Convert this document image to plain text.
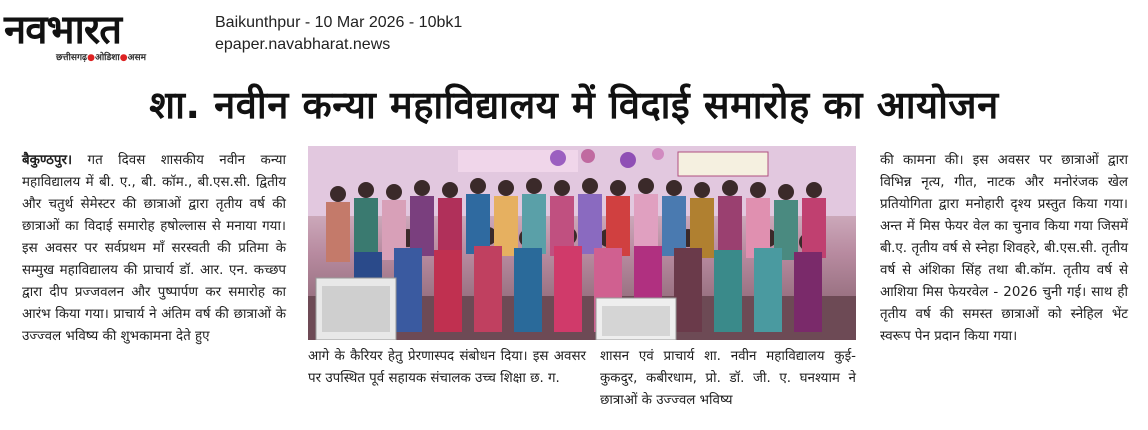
नवभारत
छत्तीसगढ़●ओडिशा●असम
Baikunthpur - 10 Mar 2026 - 10bk1
epaper.navabharat.news
शा. नवीन कन्या महाविद्यालय में विदाई समारोह का आयोजन
बैकुण्ठपुर। गत दिवस शासकीय नवीन कन्या महाविद्यालय में बी. ए., बी. कॉम., बी.एस.सी. द्वितीय और चतुर्थ सेमेस्टर की छात्राओं द्वारा तृतीय वर्ष की छात्राओं का विदाई समारोह हषाेल्लास से मनाया गया। इस अवसर पर सर्वप्रथम माँ सरस्वती की प्रतिमा के सम्मुख महाविद्यालय की प्राचार्य डॉ. आर. एन. कच्छप द्वारा दीप प्रज्जवलन और पुष्पार्पण कर समारोह का आरंभ किया गया। प्राचार्य ने अंतिम वर्ष की छात्राओं के उज्ज्वल भविष्य की शुभकामना देते हुए
आगे के कैरियर हेतु प्रेरणास्पद संबोधन दिया। इस अवसर पर उपस्थित पूर्व सहायक संचालक उच्च शिक्षा छ. ग.
शासन एवं प्राचार्य शा. नवीन महाविद्यालय कुई-कुकदुर, कबीरधाम, प्रो. डॉ. जी. ए. घनश्याम ने छात्राओं के उज्ज्वल भविष्य
की कामना की। इस अवसर पर छात्राओं द्वारा विभिन्न नृत्य, गीत, नाटक और मनोरंजक खेल प्रतियोगिता द्वारा मनोहारी दृश्य प्रस्तुत किया गया। अन्त में मिस फेयर वेल का चुनाव किया गया जिसमें बी.ए. तृतीय वर्ष से स्नेहा शिवहरे, बी.एस.सी. तृतीय वर्ष से अंशिका सिंह तथा बी.कॉम. तृतीय वर्ष से आशिया मिस फेयरवेल - 2026 चुनी गई। साथ ही तृतीय वर्ष की समस्त छात्राओं को स्नेहिल भेंट स्वरूप पेन प्रदान किया गया।
